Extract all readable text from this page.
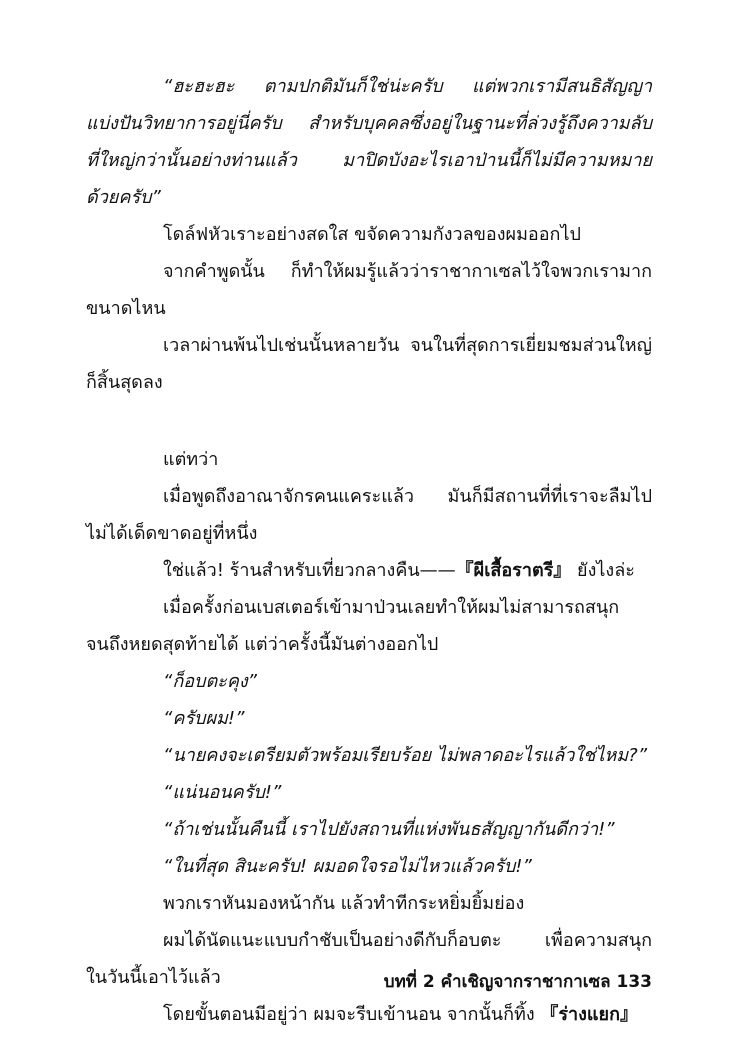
“ฮะฮะฮะ ตามปกติมันก็ใช่น่ะครับ แต่พวกเรามีสนธิสัญญา
แบ่งปันวิทยาการอยู่นี่ครับ สำหรับบุคคลซึ่งอยู่ในฐานะที่ล่วงรู้ถึงความลับ
ที่ใหญ่กว่านั้นอย่างท่านแล้ว มาปิดบังอะไรเอาป่านนี้ก็ไม่มีความหมาย
ด้วยครับ”
โดล์ฟหัวเราะอย่างสดใส ขจัดความกังวลของผมออกไป
จากคำพูดนั้น ก็ทำให้ผมรู้แล้วว่าราชากาเซลไว้ใจพวกเรามาก
ขนาดไหน
เวลาผ่านพ้นไปเช่นนั้นหลายวัน จนในที่สุดการเยี่ยมชมส่วนใหญ่
ก็สิ้นสุดลง
แต่ทว่า
เมื่อพูดถึงอาณาจักรคนแคระแล้ว มันก็มีสถานที่ที่เราจะลืมไป
ไม่ได้เด็ดขาดอยู่ที่หนึ่ง
ใช่แล้ว! ร้านสำหรับเที่ยวกลางคืน——『ผีเสื้อราตรี』 ยังไงล่ะ
เมื่อครั้งก่อนเบสเตอร์เข้ามาป่วนเลยทำให้ผมไม่สามารถสนุก
จนถึงหยดสุดท้ายได้ แต่ว่าครั้งนี้มันต่างออกไป
“ก็อบตะคุง”
“ครับผม!”
“นายคงจะเตรียมตัวพร้อมเรียบร้อย ไม่พลาดอะไรแล้วใช่ไหม?”
“แน่นอนครับ!”
“ถ้าเช่นนั้นคืนนี้ เราไปยังสถานที่แห่งพันธสัญญากันดีกว่า!”
“ในที่สุด สินะครับ! ผมอดใจรอไม่ไหวแล้วครับ!”
พวกเราหันมองหน้ากัน แล้วทำทีกระหยิ่มยิ้มย่อง
ผมได้นัดแนะแบบกำชับเป็นอย่างดีกับก็อบตะ เพื่อความสนุก
ในวันนี้เอาไว้แล้ว
โดยขั้นตอนมีอยู่ว่า ผมจะรีบเข้านอน จากนั้นก็ทิ้ง 『ร่างแยก』
บทที่ 2 คำเชิญจากราชากาเซล 133
